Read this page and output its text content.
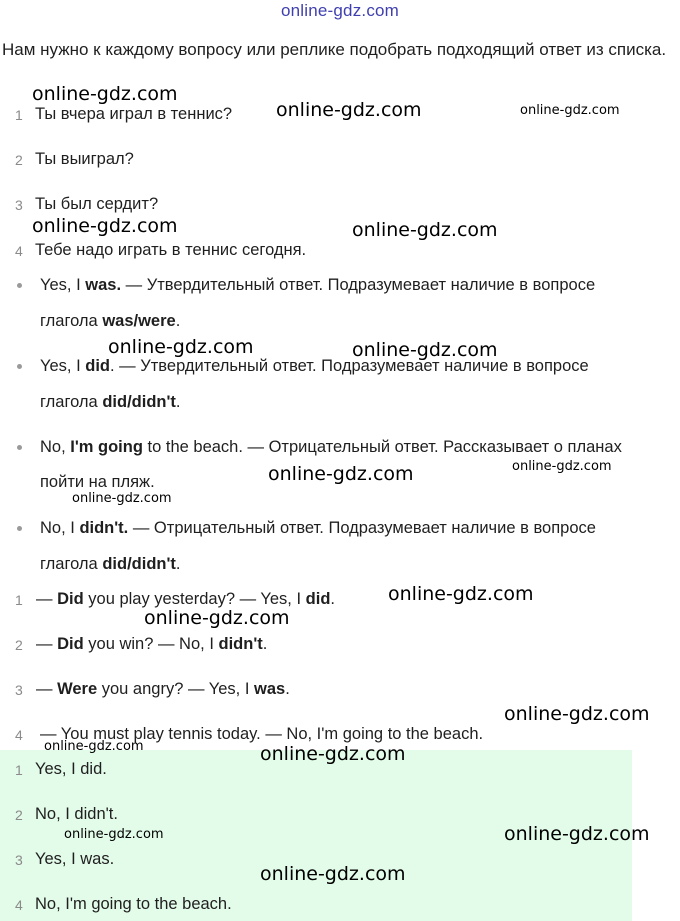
online-gdz.com
Нам нужно к каждому вопросу или реплике подобрать подходящий ответ из списка.
1 Ты вчера играл в теннис?
2 Ты выиграл?
3 Ты был сердит?
4 Тебе надо играть в теннис сегодня.
Yes, I was. — Утвердительный ответ. Подразумевает наличие в вопросе
глагола was/were.
Yes, I did. — Утвердительный ответ. Подразумевает наличие в вопросе
глагола did/didn't.
No, I'm going to the beach. — Отрицательный ответ. Рассказывает о планах
пойти на пляж.
No, I didn't. — Отрицательный ответ. Подразумевает наличие в вопросе
глагола did/didn't.
1 — Did you play yesterday? — Yes, I did.
2 — Did you win? — No, I didn't.
3 — Were you angry? — Yes, I was.
4	— You must play tennis today. — No, I'm going to the beach.
1 Yes, I did.
2 No, I didn't.
3 Yes, I was.
4 No, I'm going to the beach.
online-gdz.com
online-gdz.com	online-gdz.com
online-gdz.com	online-gdz.com
online-gdz.com	online-gdz.com
online-gdz.com	online-gdz.com
online-gdz.com
online-gdz.com
online-gdz.com
online-gdz.com
online-gdz.com	online-gdz.com
online-gdz.com
online-gdz.com
online-gdz.com
